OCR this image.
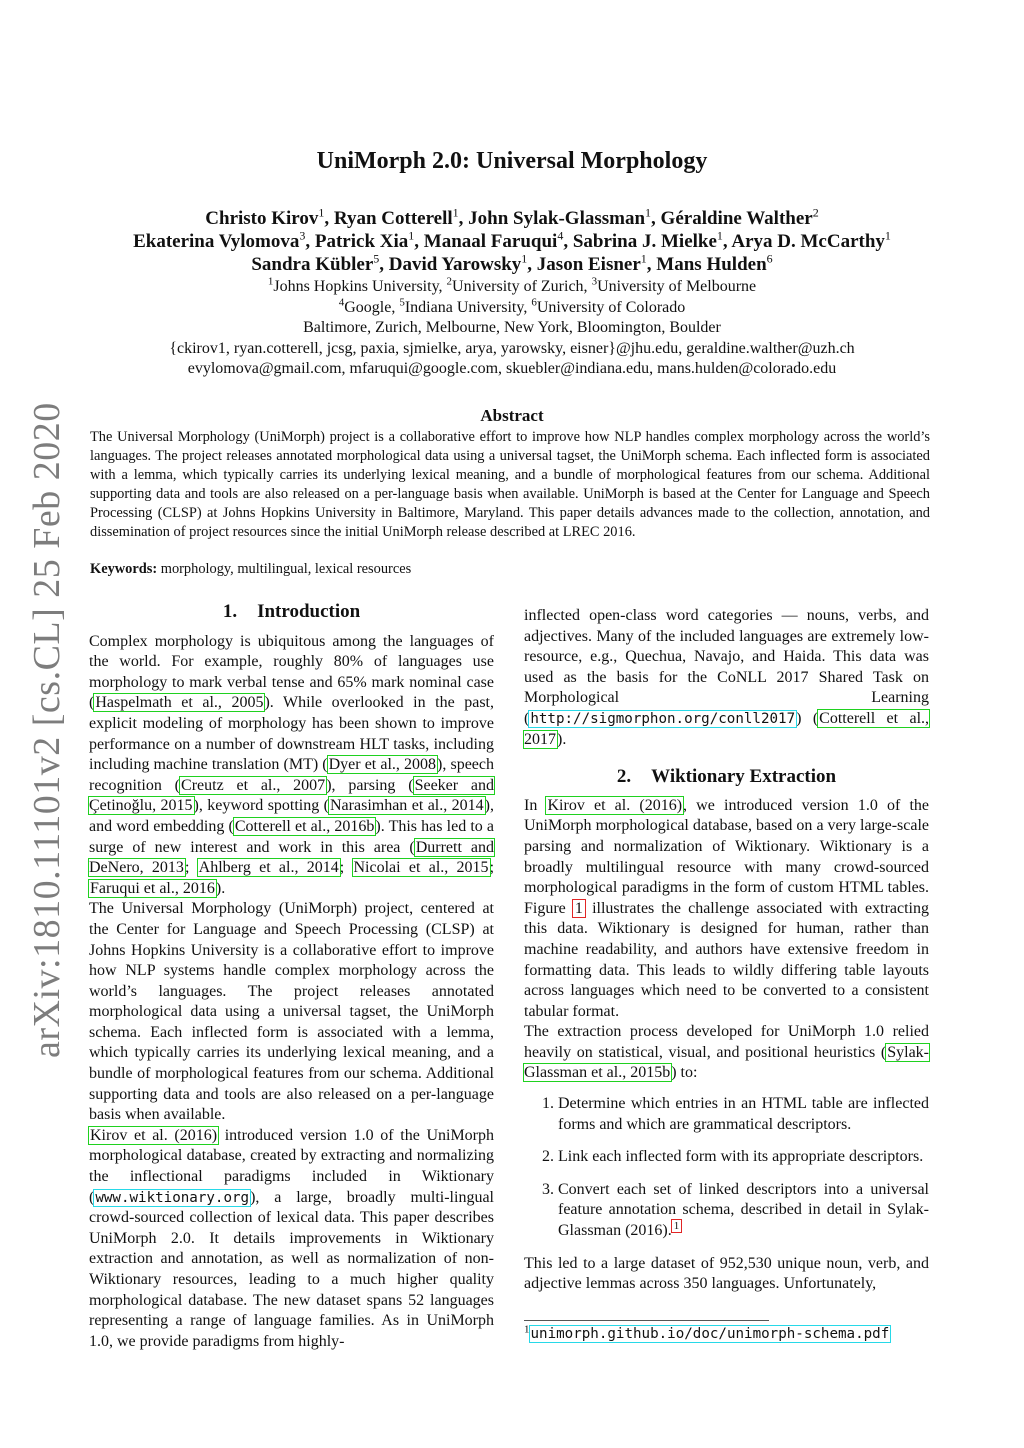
arXiv:1810.11101v2 [cs.CL] 25 Feb 2020
UniMorph 2.0: Universal Morphology
Christo Kirov$^1$, Ryan Cotterell$^1$, John Sylak-Glassman$^1$, Géraldine Walther$^2$
Ekaterina Vylomova$^3$, Patrick Xia$^1$, Manaal Faruqui$^4$, Sabrina J. Mielke$^1$, Arya D. McCarthy$^1$
Sandra Kübler$^5$, David Yarowsky$^1$, Jason Eisner$^1$, Mans Hulden$^6$
$^1$Johns Hopkins University, $^2$University of Zurich, $^3$University of Melbourne
$^4$Google, $^5$Indiana University, $^6$University of Colorado
Baltimore, Zurich, Melbourne, New York, Bloomington, Boulder
{ckirov1, ryan.cotterell, jcsg, paxia, sjmielke, arya, yarowsky, eisner}@jhu.edu, geraldine.walther@uzh.ch
evylomova@gmail.com, mfaruqui@google.com, skuebler@indiana.edu, mans.hulden@colorado.edu
Abstract
The Universal Morphology (UniMorph) project is a collaborative effort to improve how NLP handles complex morphology across the world’s languages. The project releases annotated morphological data using a universal tagset, the UniMorph schema. Each inflected form is associated with a lemma, which typically carries its underlying lexical meaning, and a bundle of morphological features from our schema. Additional supporting data and tools are also released on a per-language basis when available. UniMorph is based at the Center for Language and Speech Processing (CLSP) at Johns Hopkins University in Baltimore, Maryland. This paper details advances made to the collection, annotation, and dissemination of project resources since the initial UniMorph release described at LREC 2016.
Keywords: morphology, multilingual, lexical resources
1. Introduction

Complex morphology is ubiquitous among the languages of the world. For example, roughly 80% of languages use morphology to mark verbal tense and 65% mark nominal case (Haspelmath et al., 2005). While overlooked in the past, explicit modeling of morphology has been shown to improve performance on a number of downstream HLT tasks, including including machine translation (MT) (Dyer et al., 2008), speech recognition (Creutz et al., 2007), parsing (Seeker and Çetinoğlu, 2015), keyword spotting (Narasimhan et al., 2014), and word embedding (Cotterell et al., 2016b). This has led to a surge of new interest and work in this area (Durrett and DeNero, 2013; Ahlberg et al., 2014; Nicolai et al., 2015; Faruqui et al., 2016).

The Universal Morphology (UniMorph) project, centered at the Center for Language and Speech Processing (CLSP) at Johns Hopkins University is a collaborative effort to improve how NLP systems handle complex morphology across the world’s languages. The project releases annotated morphological data using a universal tagset, the UniMorph schema. Each inflected form is associated with a lemma, which typically carries its underlying lexical meaning, and a bundle of morphological features from our schema. Additional supporting data and tools are also released on a per-language basis when available.

Kirov et al. (2016) introduced version 1.0 of the UniMorph morphological database, created by extracting and normalizing the inflectional paradigms included in Wiktionary (www.wiktionary.org), a large, broadly multi-lingual crowd-sourced collection of lexical data. This paper describes UniMorph 2.0. It details improvements in Wiktionary extraction and annotation, as well as normalization of non-Wiktionary resources, leading to a much higher quality morphological database. The new dataset spans 52 languages representing a range of language families. As in UniMorph 1.0, we provide paradigms from highly-

inflected open-class word categories — nouns, verbs, and adjectives. Many of the included languages are extremely low-resource, e.g., Quechua, Navajo, and Haida. This data was used as the basis for the CoNLL 2017 Shared Task on Morphological Learning (http://sigmorphon.org/conll2017) (Cotterell et al., 2017).

2. Wiktionary Extraction

In Kirov et al. (2016), we introduced version 1.0 of the UniMorph morphological database, based on a very large-scale parsing and normalization of Wiktionary. Wiktionary is a broadly multilingual resource with many crowd-sourced morphological paradigms in the form of custom HTML tables. Figure 1 illustrates the challenge associated with extracting this data. Wiktionary is designed for human, rather than machine readability, and authors have extensive freedom in formatting data. This leads to wildly differing table layouts across languages which need to be converted to a consistent tabular format.

The extraction process developed for UniMorph 1.0 relied heavily on statistical, visual, and positional heuristics (Sylak-Glassman et al., 2015b) to:

1. Determine which entries in an HTML table are inflected forms and which are grammatical descriptors.
2. Link each inflected form with its appropriate descriptors.
3. Convert each set of linked descriptors into a universal feature annotation schema, described in detail in Sylak-Glassman (2016). $^1$

This led to a large dataset of 952,530 unique noun, verb, and adjective lemmas across 350 languages. Unfortunately,

$^1$unimorph.github.io/doc/unimorph-schema.pdf
